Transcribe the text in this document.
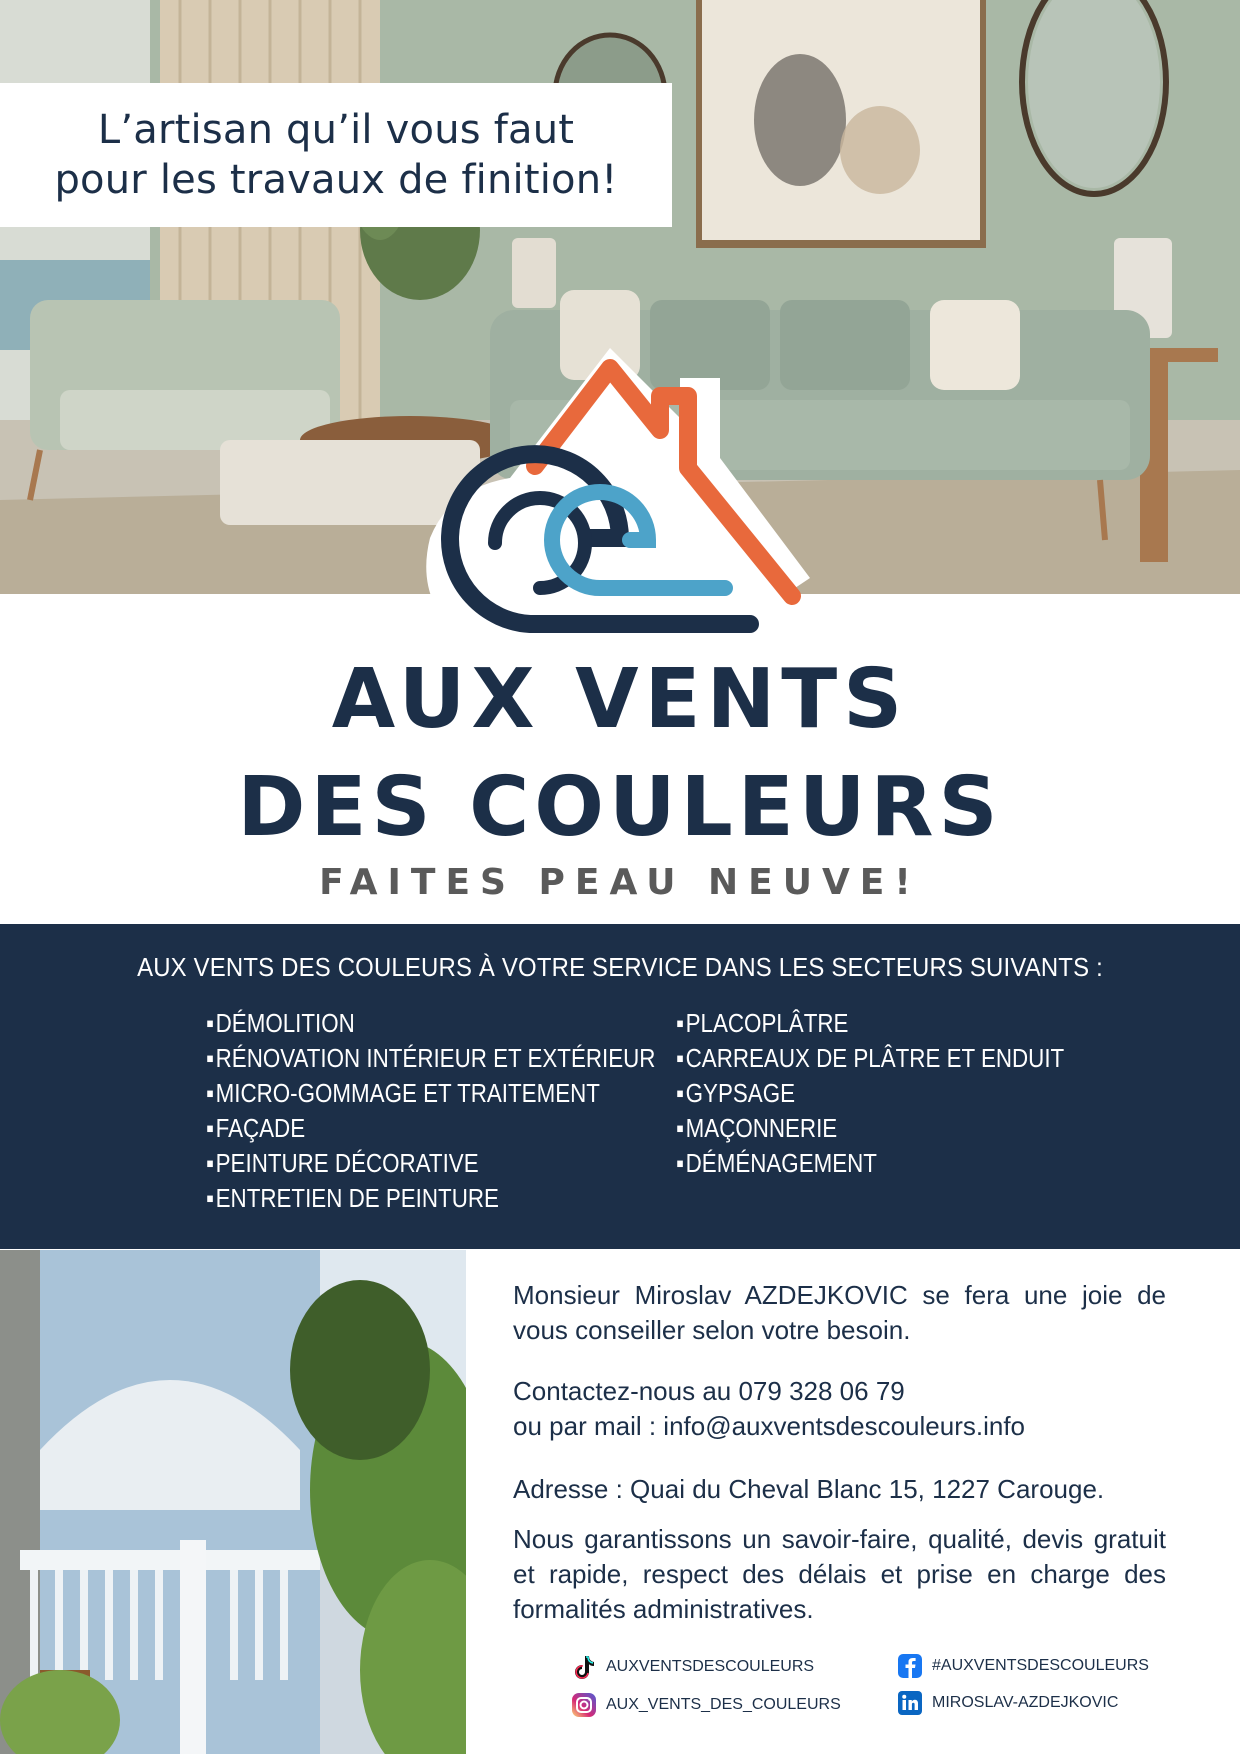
L’artisan qu’il vous faut
pour les travaux de finition!
AUX VENTS
DES COULEURS
FAITES PEAU NEUVE!
AUX VENTS DES COULEURS À VOTRE SERVICE DANS LES SECTEURS SUIVANTS :
▪ DÉMOLITION
▪ RÉNOVATION INTÉRIEUR ET EXTÉRIEUR
▪ MICRO-GOMMAGE ET TRAITEMENT
▪ FAÇADE
▪ PEINTURE DÉCORATIVE
▪ ENTRETIEN DE PEINTURE
▪ PLACOPLÂTRE
▪ CARREAUX DE PLÂTRE ET ENDUIT
▪ GYPSAGE
▪ MAÇONNERIE
▪ DÉMÉNAGEMENT

Monsieur Miroslav AZDEJKOVIC se fera une joie de vous conseiller selon votre besoin.

Contactez-nous au 079 328 06 79

ou par mail : info@auxventsdescouleurs.info

Adresse : Quai du Cheval Blanc 15, 1227 Carouge.

Nous garantissons un savoir-faire, qualité, devis gratuit et rapide, respect des délais et prise en charge des formalités administratives.

AUXVENTSDESCOULEURS
AUX_VENTS_DES_COULEURS
#AUXVENTSDESCOULEURS
MIROSLAV-AZDEJKOVIC
